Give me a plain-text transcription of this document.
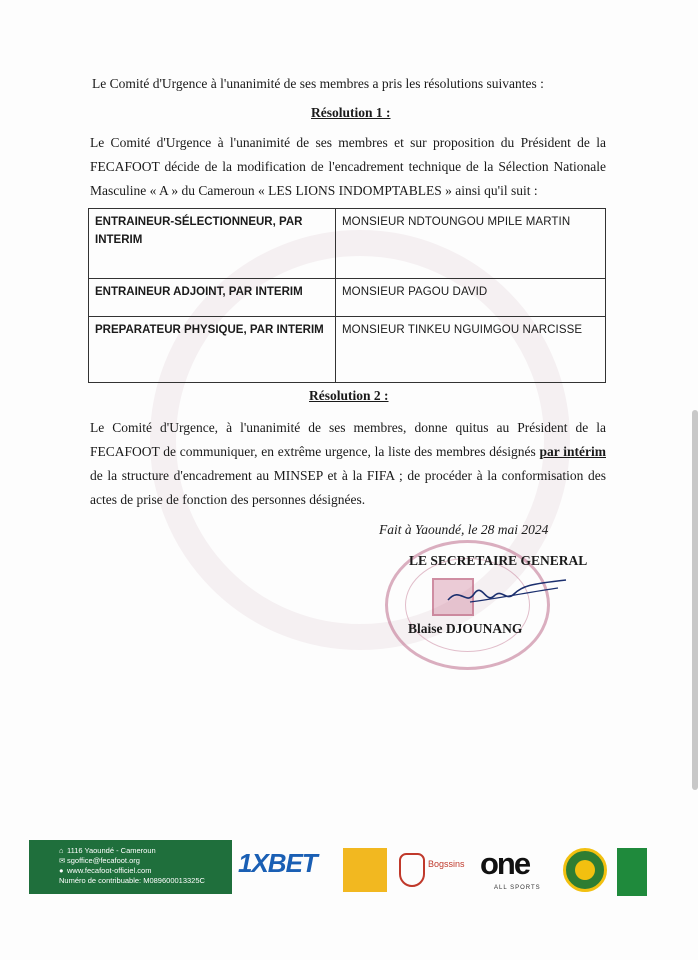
Le Comité d'Urgence à l'unanimité de ses membres a pris les résolutions suivantes :
Résolution 1 :
Le Comité d'Urgence à l'unanimité de ses membres et sur proposition du Président de la FECAFOOT décide de la modification de l'encadrement technique de la Sélection Nationale Masculine « A » du Cameroun « LES LIONS INDOMPTABLES » ainsi qu'il suit :
ENTRAINEUR-SÉLECTIONNEUR, PAR INTERIM	MONSIEUR NDTOUNGOU MPILE MARTIN
ENTRAINEUR ADJOINT, PAR INTERIM	MONSIEUR PAGOU DAVID
PREPARATEUR PHYSIQUE, PAR INTERIM	MONSIEUR TINKEU NGUIMGOU NARCISSE
Résolution 2 :
Le Comité d'Urgence, à l'unanimité de ses membres, donne quitus au Président de la FECAFOOT de communiquer, en extrême urgence, la liste des membres désignés par intérim de la structure d'encadrement au MINSEP et à la FIFA ; de procéder à la conformisation des actes de prise de fonction des personnes désignées.
Fait à Yaoundé, le 28 mai 2024
LE SECRETAIRE GENERAL
Blaise DJOUNANG
⌂ 1116 Yaoundé - Cameroun
✉ sgoffice@fecafoot.org
● www.fecafoot-officiel.com
Numéro de contribuable: M089600013325C
1XBET	Bogssins one
ALL SPORTS
